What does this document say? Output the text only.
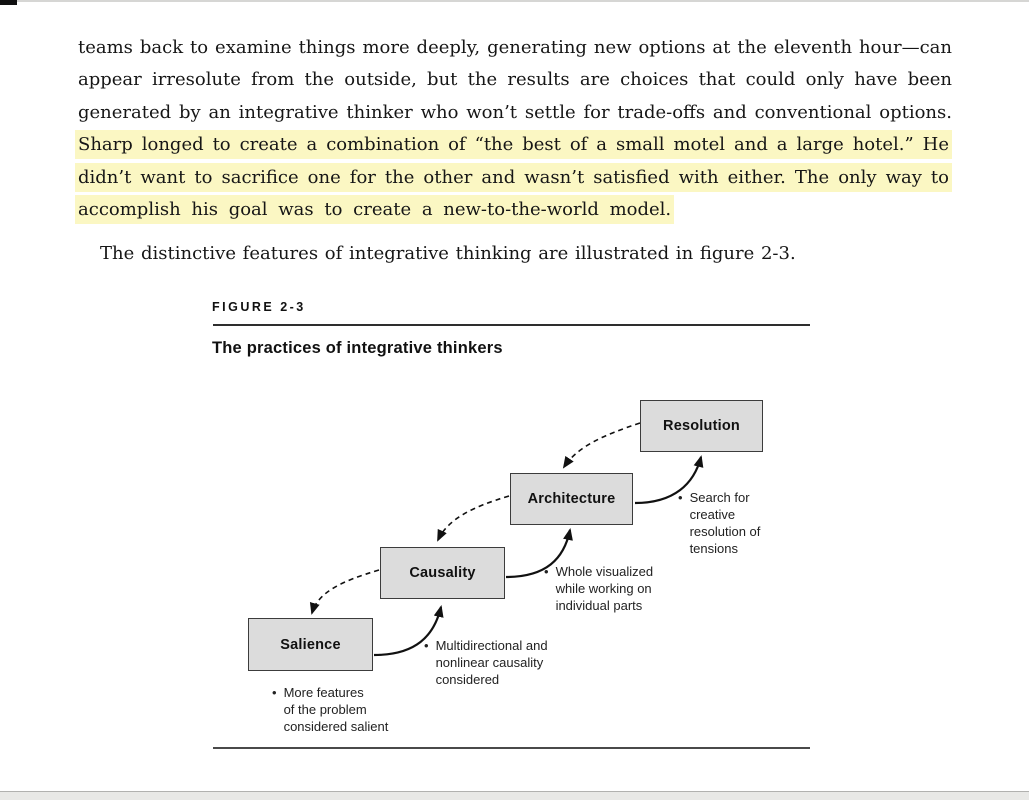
teams back to examine things more deeply, generating new options at the eleventh hour—can
appear irresolute from the outside, but the results are choices that could only have been
generated by an integrative thinker who won’t settle for trade-offs and conventional options.
Sharp longed to create a combination of “the best of a small motel and a large hotel.” He
didn’t want to sacrifice one for the other and wasn’t satisfied with either. The only way to
accomplish his goal was to create a new-to-the-world model.
The distinctive features of integrative thinking are illustrated in figure 2-3.
FIGURE 2-3
The practices of integrative thinkers
Salience
Causality
Architecture
Resolution
• More features
of the problem
considered salient
• Multidirectional and
nonlinear causality
considered
• Whole visualized
while working on
individual parts
• Search for
creative
resolution of
tensions
